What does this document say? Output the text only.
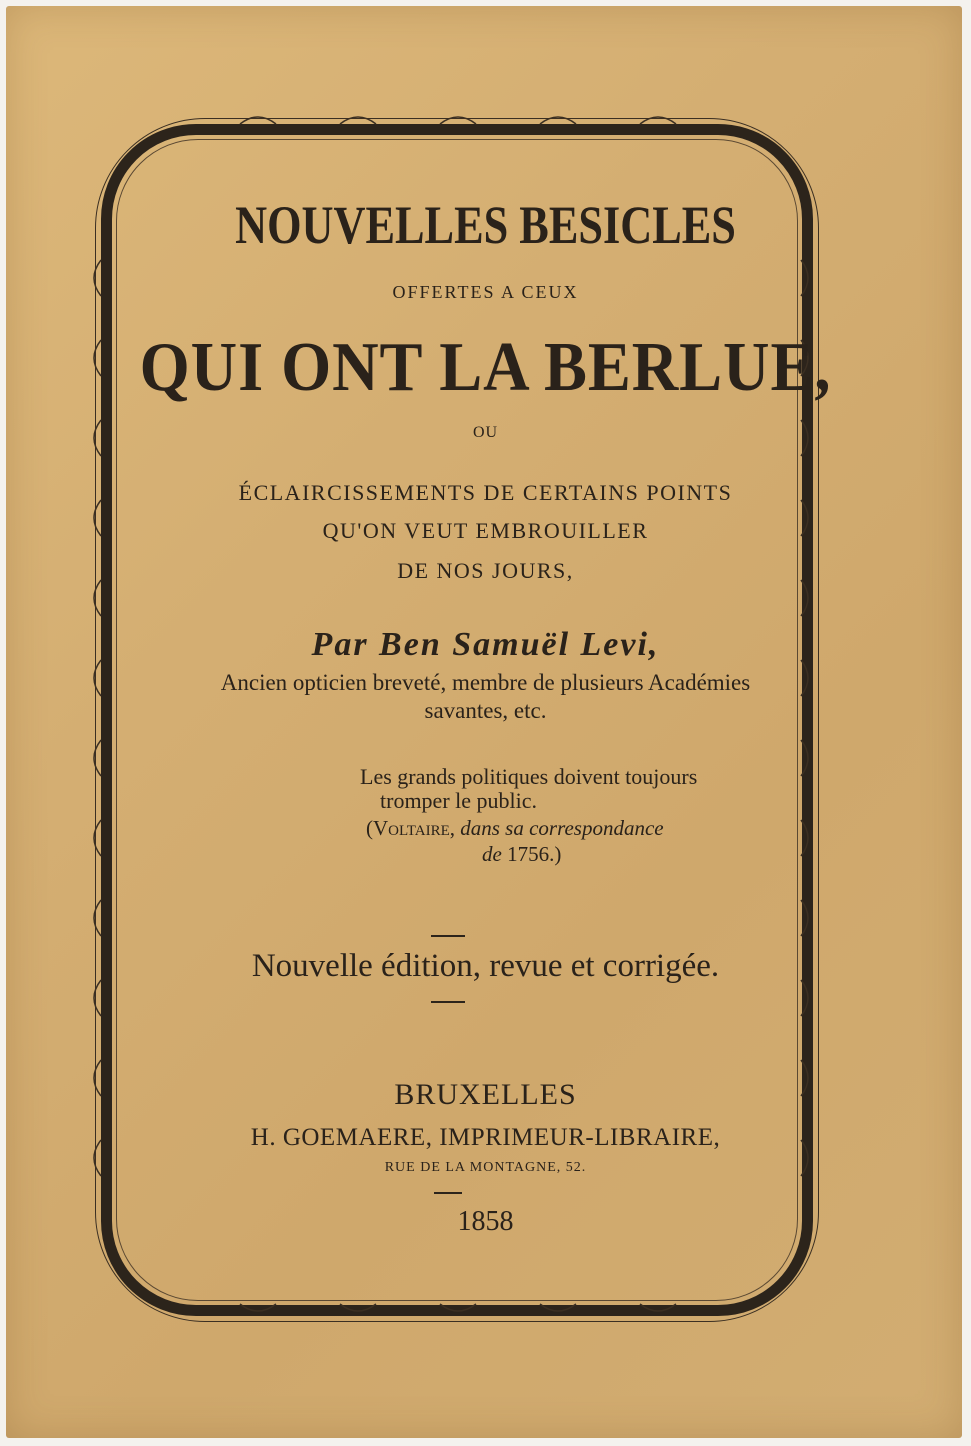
NOUVELLES BESICLES
OFFERTES A CEUX
QUI ONT LA BERLUE,
OU
ÉCLAIRCISSEMENTS DE CERTAINS POINTS
QU'ON VEUT EMBROUILLER
DE NOS JOURS,
Par Ben Samuël Levi,
Ancien opticien breveté, membre de plusieurs Académies
savantes, etc.
Les grands politiques doivent toujours
tromper le public.
(Voltaire, dans sa correspondance
de 1756.)
Nouvelle édition, revue et corrigée.
BRUXELLES
H. GOEMAERE, IMPRIMEUR-LIBRAIRE,
RUE DE LA MONTAGNE, 52.
1858
